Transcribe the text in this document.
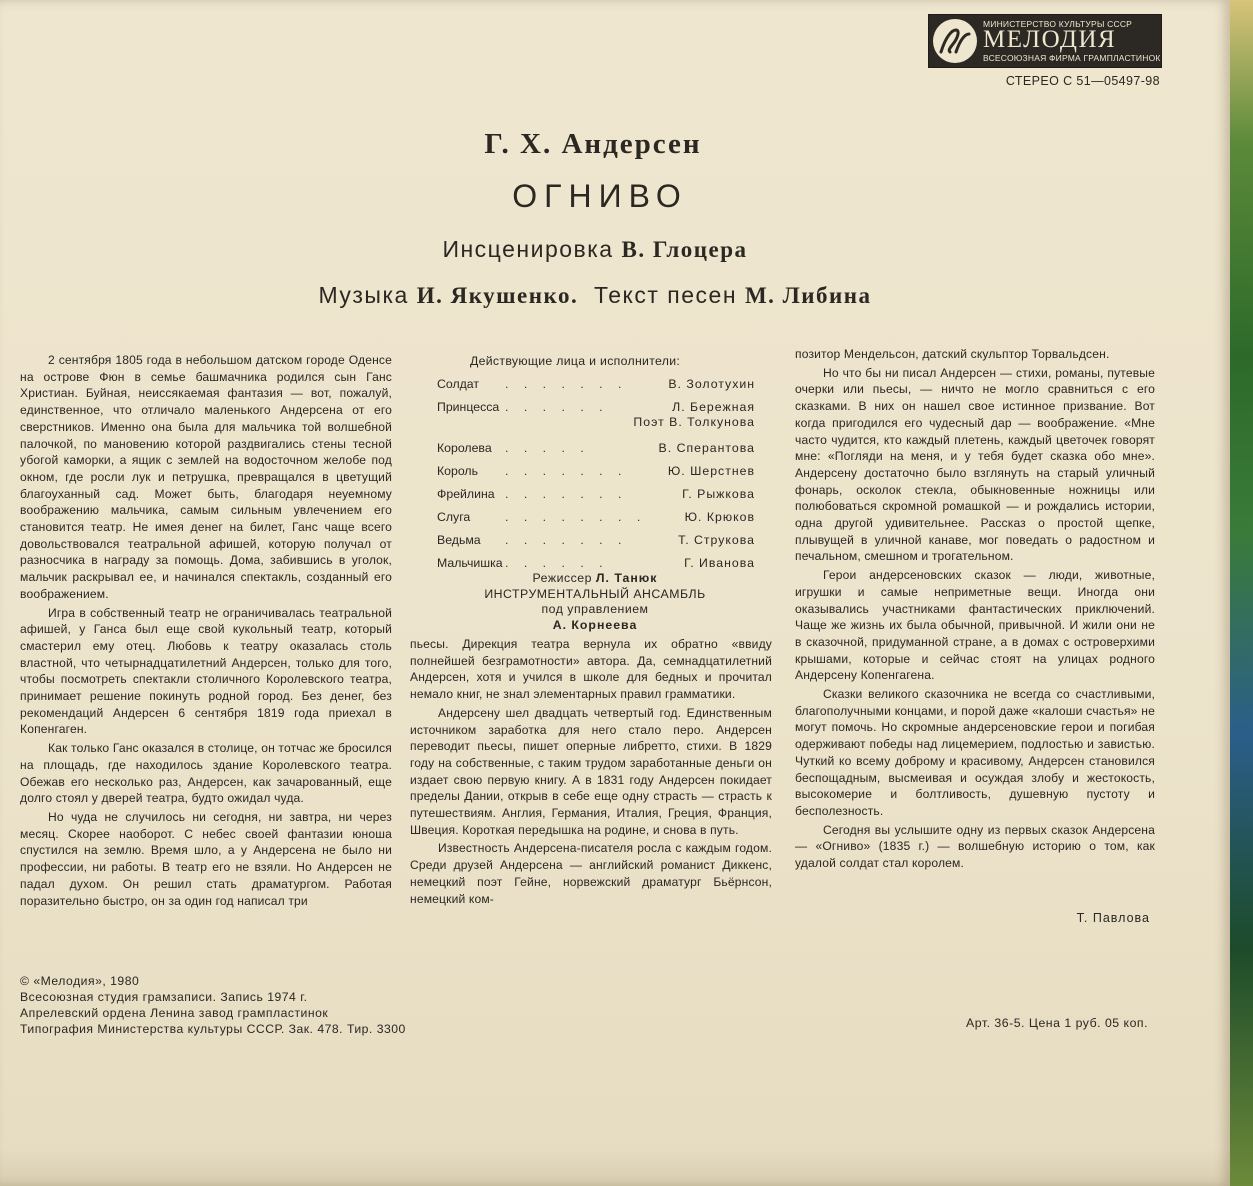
МИНИСТЕРСТВО КУЛЬТУРЫ СССР
МЕЛОДИЯ
ВСЕСОЮЗНАЯ ФИРМА ГРАМПЛАСТИНОК
СТЕРЕО С 51—05497-98
Г. Х. Андерсен
ОГНИВО
Инсценировка В. Глоцера
Музыка И. Якушенко. Текст песен М. Либина

2 сентября 1805 года в небольшом датском городе Оденсе на острове Фюн в семье башмачника родился сын Ганс Христиан. Буйная, неиссякаемая фантазия — вот, пожалуй, единственное, что отличало маленького Андерсена от его сверстников. Именно она была для мальчика той волшебной палочкой, по мановению которой раздвигались стены тесной убогой каморки, а ящик с землей на водосточном желобе под окном, где росли лук и петрушка, превращался в цветущий благоуханный сад. Может быть, благодаря неуемному воображению мальчика, самым сильным увлечением его становится театр. Не имея денег на билет, Ганс чаще всего довольствовался театральной афишей, которую получал от разносчика в награду за помощь. Дома, забившись в уголок, мальчик раскрывал ее, и начинался спектакль, созданный его воображением.

Игра в собственный театр не ограничивалась театральной афишей, у Ганса был еще свой кукольный театр, который смастерил ему отец. Любовь к театру оказалась столь властной, что четырнадцатилетний Андерсен, только для того, чтобы посмотреть спектакли столичного Королевского театра, принимает решение покинуть родной город. Без денег, без рекомендаций Андерсен 6 сентября 1819 года приехал в Копенгаген.

Как только Ганс оказался в столице, он тотчас же бросился на площадь, где находилось здание Королевского театра. Обежав его несколько раз, Андерсен, как зачарованный, еще долго стоял у дверей театра, будто ожидал чуда.

Но чуда не случилось ни сегодня, ни завтра, ни через месяц. Скорее наоборот. С небес своей фантазии юноша спустился на землю. Время шло, а у Андерсена не было ни профессии, ни работы. В театр его не взяли. Но Андерсен не падал духом. Он решил стать драматургом. Работая поразительно быстро, он за один год написал три

Действующие лица и исполнители:
Солдат	. . . . . . .	В. Золотухин
Принцесса . . . . . .	Л. Бережная
Поэт В. Толкунова
Королева	. . . . .	В. Сперантова
Король	. . . . . . .	Ю. Шерстнев
Фрейлина . . . . . . .	Г. Рыжкова
Слуга	. . . . . . . .	Ю. Крюков
Ведьма	. . . . . . .	Т. Струкова
Мальчишка . . . . . .	Г. Иванова
Режиссер Л. Танюк
ИНСТРУМЕНТАЛЬНЫЙ АНСАМБЛЬ
под управлением
А. Корнеева

пьесы. Дирекция театра вернула их обратно «ввиду полнейшей безграмотности» автора. Да, семнадцатилетний Андерсен, хотя и учился в школе для бедных и прочитал немало книг, не знал элементарных правил грамматики.

Андерсену шел двадцать четвертый год. Единственным источником заработка для него стало перо. Андерсен переводит пьесы, пишет оперные либретто, стихи. В 1829 году на собственные, с таким трудом заработанные деньги он издает свою первую книгу. А в 1831 году Андерсен покидает пределы Дании, открыв в себе еще одну страсть — страсть к путешествиям. Англия, Германия, Италия, Греция, Франция, Швеция. Короткая передышка на родине, и снова в путь.

Известность Андерсена-писателя росла с каждым годом. Среди друзей Андерсена — английский романист Диккенс, немецкий поэт Гейне, норвежский драматург Бьёрнсон, немецкий ком-

позитор Мендельсон, датский скульптор Торвальдсен.

Но что бы ни писал Андерсен — стихи, романы, путевые очерки или пьесы, — ничто не могло сравниться с его сказками. В них он нашел свое истинное призвание. Вот когда пригодился его чудесный дар — воображение. «Мне часто чудится, кто каждый плетень, каждый цветочек говорят мне: «Погляди на меня, и у тебя будет сказка обо мне». Андерсену достаточно было взглянуть на старый уличный фонарь, осколок стекла, обыкновенные ножницы или полюбоваться скромной ромашкой — и рождались истории, одна другой удивительнее. Рассказ о простой щепке, плывущей в уличной канаве, мог поведать о радостном и печальном, смешном и трогательном.

Герои андерсеновских сказок — люди, животные, игрушки и самые неприметные вещи. Иногда они оказывались участниками фантастических приключений. Чаще же жизнь их была обычной, привычной. И жили они не в сказочной, придуманной стране, а в домах с островерхими крышами, которые и сейчас стоят на улицах родного Андерсену Копенгагена.

Сказки великого сказочника не всегда со счастливыми, благополучными концами, и порой даже «калоши счастья» не могут помочь. Но скромные андерсеновские герои и погибая одерживают победы над лицемерием, подлостью и завистью. Чуткий ко всему доброму и красивому, Андерсен становился беспощадным, высмеивая и осуждая злобу и жестокость, высокомерие и болтливость, душевную пустоту и бесполезность.

Сегодня вы услышите одну из первых сказок Андерсена — «Огниво» (1835 г.) — волшебную историю о том, как удалой солдат стал королем.

Т. Павлова
© «Мелодия», 1980
Всесоюзная студия грамзаписи. Запись 1974 г.
Апрелевский ордена Ленина завод грампластинок
Типография Министерства культуры СССР. Зак. 478. Тир. 3300	Арт. 36-5. Цена 1 руб. 05 коп.
